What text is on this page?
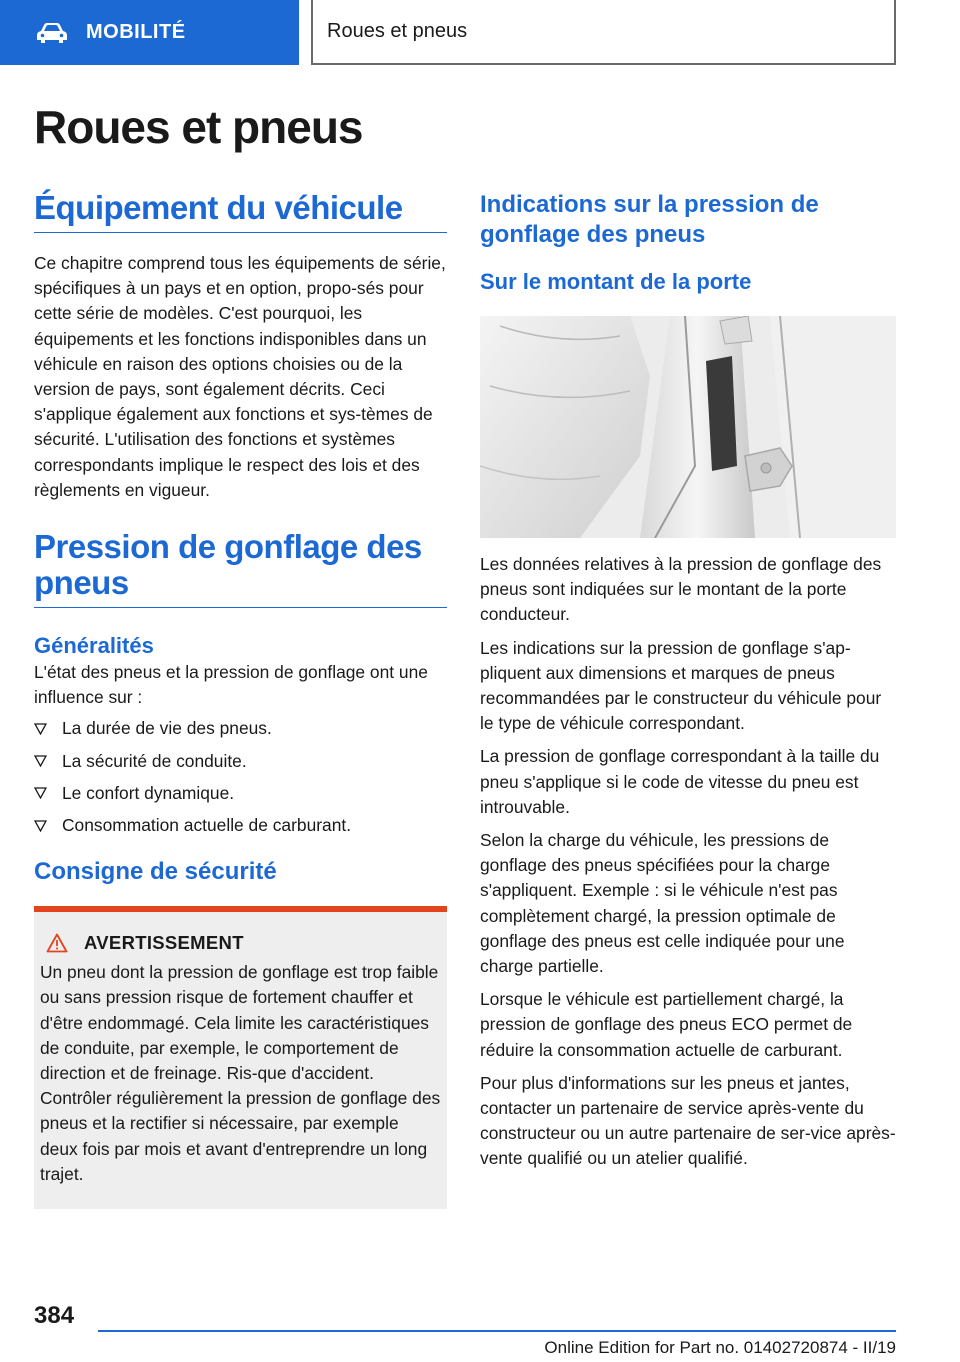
MOBILITÉ	Roues et pneus
Roues et pneus
Équipement du véhicule

Ce chapitre comprend tous les équipements de série, spécifiques à un pays et en option, propo-sés pour cette série de modèles. C'est pourquoi, les équipements et les fonctions indisponibles dans un véhicule en raison des options choisies ou de la version de pays, sont également décrits. Ceci s'applique également aux fonctions et sys-tèmes de sécurité. L'utilisation des fonctions et systèmes correspondants implique le respect des lois et des règlements en vigueur.

Pression de gonflage des pneus
Généralités

L'état des pneus et la pression de gonflage ont une influence sur :

La durée de vie des pneus.
La sécurité de conduite.
Le confort dynamique.
Consommation actuelle de carburant.
Consigne de sécurité
AVERTISSEMENT

Un pneu dont la pression de gonflage est trop faible ou sans pression risque de fortement chauffer et d'être endommagé. Cela limite les caractéristiques de conduite, par exemple, le comportement de direction et de freinage. Ris-que d'accident. Contrôler régulièrement la pression de gonflage des pneus et la rectifier si nécessaire, par exemple deux fois par mois et avant d'entreprendre un long trajet.

Indications sur la pression de gonflage des pneus
Sur le montant de la porte

Les données relatives à la pression de gonflage des pneus sont indiquées sur le montant de la porte conducteur.

Les indications sur la pression de gonflage s'ap-pliquent aux dimensions et marques de pneus recommandées par le constructeur du véhicule pour le type de véhicule correspondant.

La pression de gonflage correspondant à la taille du pneu s'applique si le code de vitesse du pneu est introuvable.

Selon la charge du véhicule, les pressions de gonflage des pneus spécifiées pour la charge s'appliquent. Exemple : si le véhicule n'est pas complètement chargé, la pression optimale de gonflage des pneus est celle indiquée pour une charge partielle.

Lorsque le véhicule est partiellement chargé, la pression de gonflage des pneus ECO permet de réduire la consommation actuelle de carburant.

Pour plus d'informations sur les pneus et jantes, contacter un partenaire de service après-vente du constructeur ou un autre partenaire de ser-vice après-vente qualifié ou un atelier qualifié.

384
Online Edition for Part no. 01402720874 - II/19
